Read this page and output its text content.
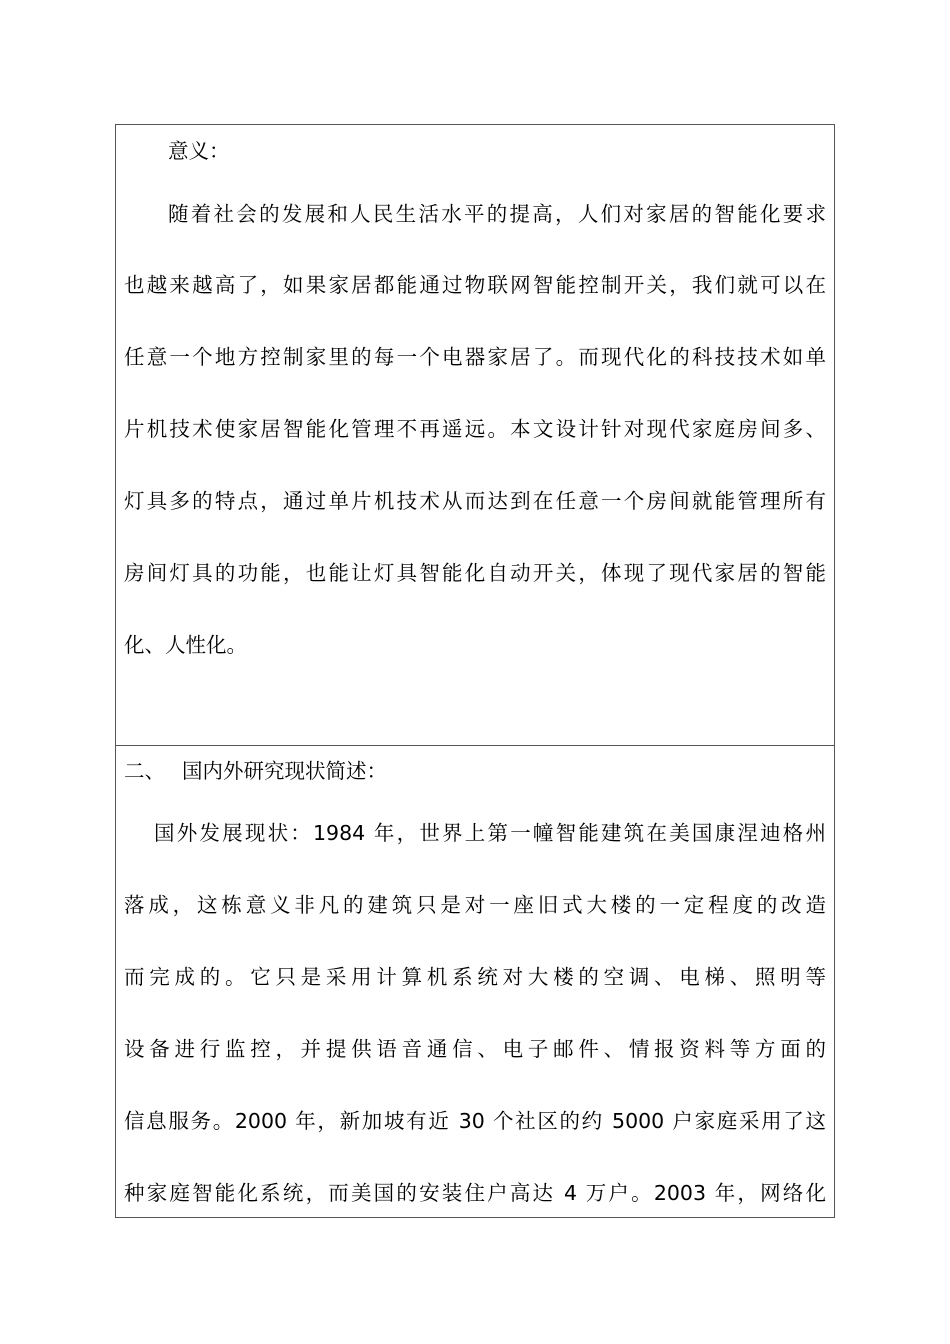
意义：
随着社会的发展和人民生活水平的提高，人们对家居的智能化要求
也越来越高了，如果家居都能通过物联网智能控制开关，我们就可以在
任意一个地方控制家里的每一个电器家居了。而现代化的科技技术如单
片机技术使家居智能化管理不再遥远。本文设计针对现代家庭房间多、
灯具多的特点，通过单片机技术从而达到在任意一个房间就能管理所有
房间灯具的功能，也能让灯具智能化自动开关，体现了现代家居的智能
化、人性化。
二、 国内外研究现状简述：
国外发展现状：1984 年，世界上第一幢智能建筑在美国康涅迪格州
落成，这栋意义非凡的建筑只是对一座旧式大楼的一定程度的改造
而完成的。它只是采用计算机系统对大楼的空调、电梯、照明等
设备进行监控，并提供语音通信、电子邮件、情报资料等方面的
信息服务。2000 年，新加坡有近 30 个社区的约 5000 户家庭采用了这
种家庭智能化系统，而美国的安装住户高达 4 万户。2003 年，网络化
